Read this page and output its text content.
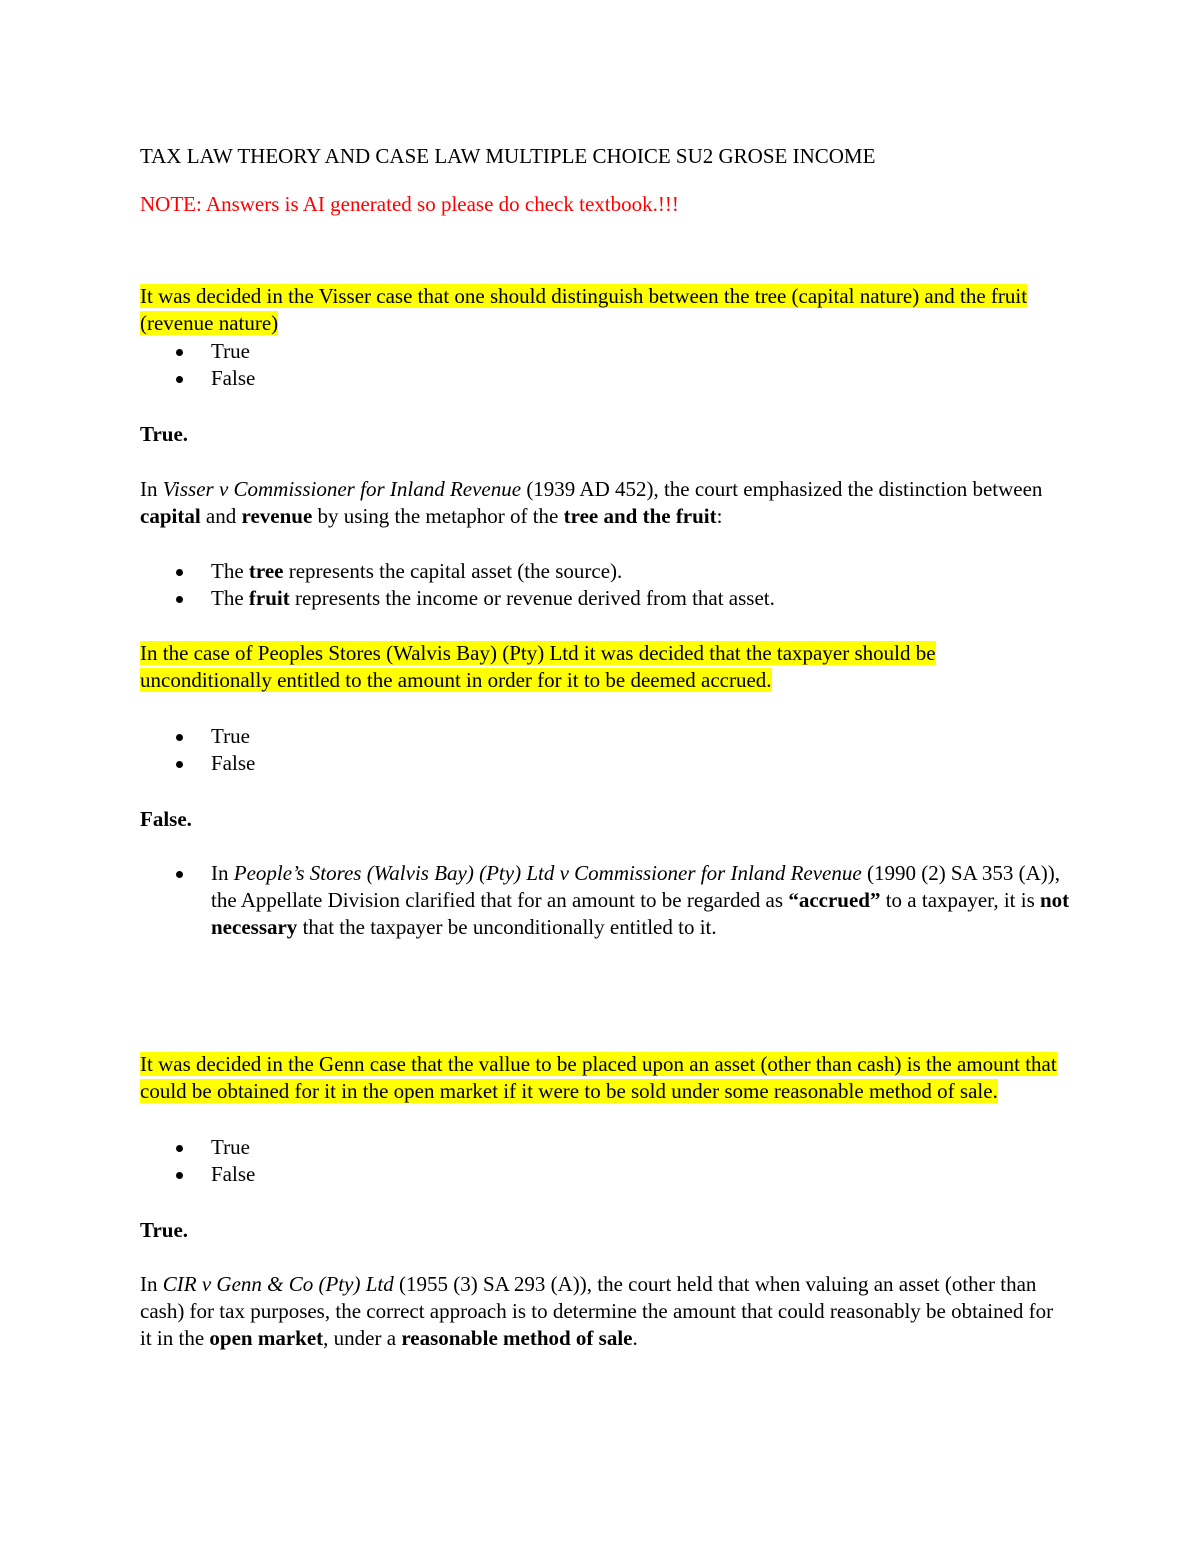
TAX LAW THEORY AND CASE LAW MULTIPLE CHOICE SU2 GROSE INCOME

NOTE: Answers is AI generated so please do check textbook.!!!

It was decided in the Visser case that one should distinguish between the tree (capital nature) and the fruit (revenue nature)

True
False

True.

In Visser v Commissioner for Inland Revenue (1939 AD 452), the court emphasized the distinction between capital and revenue by using the metaphor of the tree and the fruit:

The tree represents the capital asset (the source).
The fruit represents the income or revenue derived from that asset.

In the case of Peoples Stores (Walvis Bay) (Pty) Ltd it was decided that the taxpayer should be unconditionally entitled to the amount in order for it to be deemed accrued.

True
False

False.

In People’s Stores (Walvis Bay) (Pty) Ltd v Commissioner for Inland Revenue (1990 (2) SA 353 (A)), the Appellate Division clarified that for an amount to be regarded as “accrued” to a taxpayer, it is not necessary that the taxpayer be unconditionally entitled to it.

It was decided in the Genn case that the vallue to be placed upon an asset (other than cash) is the amount that could be obtained for it in the open market if it were to be sold under some reasonable method of sale.

True
False

True.

In CIR v Genn & Co (Pty) Ltd (1955 (3) SA 293 (A)), the court held that when valuing an asset (other than cash) for tax purposes, the correct approach is to determine the amount that could reasonably be obtained for it in the open market, under a reasonable method of sale.
